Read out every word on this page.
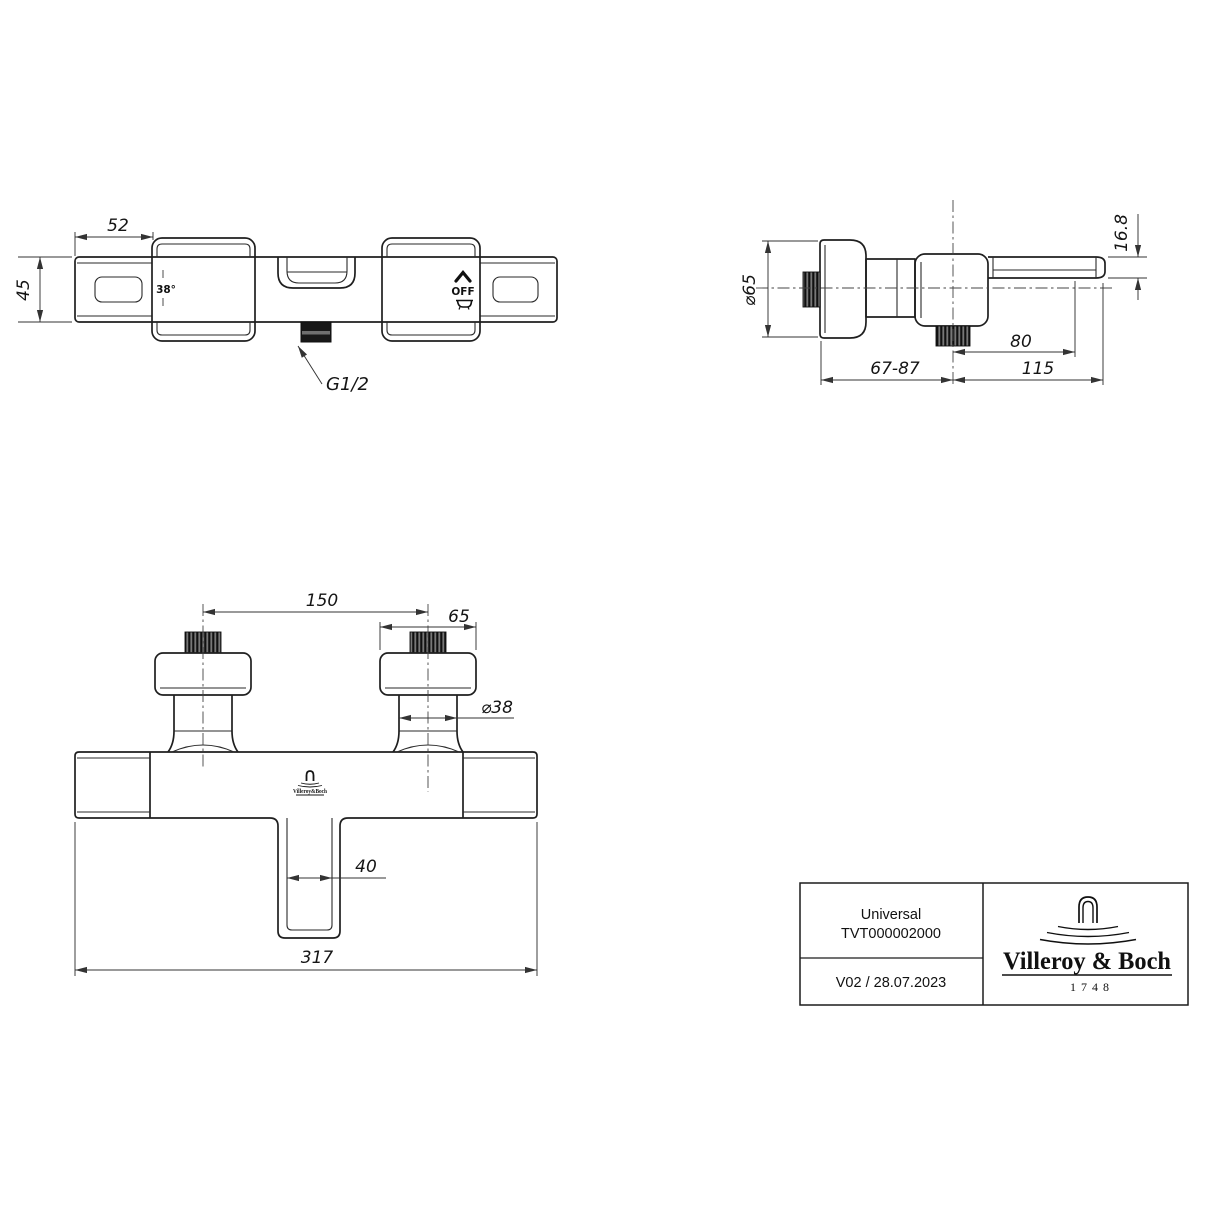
38°	OFF
G1/2
52
45	⌀65
16.8
80
67-87	115
Villeroy&Boch
150
65
⌀38
40
317
Universal
TVT000002000
V02 / 28.07.2023
Villeroy & Boch
1748
